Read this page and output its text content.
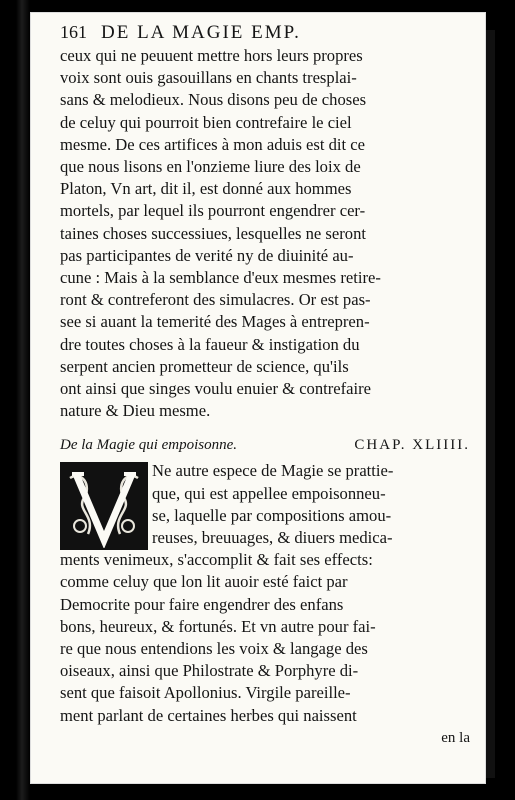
161 DE LA MAGIE EMP.
ceux qui ne peuuent mettre hors leurs propres
voix sont ouis gasouillans en chants tresplai-
sans & melodieux. Nous disons peu de choses
de celuy qui pourroit bien contrefaire le ciel
mesme. De ces artifices à mon aduis est dit ce
que nous lisons en l'onzieme liure des loix de
Platon, Vn art, dit il, est donné aux hommes
mortels, par lequel ils pourront engendrer cer-
taines choses successiues, lesquelles ne seront
pas participantes de verité ny de diuinité au-
cune : Mais à la semblance d'eux mesmes retire-
ront & contreferont des simulacres. Or est pas-
see si auant la temerité des Mages à entrepren-
dre toutes choses à la faueur & instigation du
serpent ancien prometteur de science, qu'ils
ont ainsi que singes voulu enuier & contrefaire
nature & Dieu mesme.
De la Magie qui empoisonne.	CHAP. XLIIII.
Ne autre espece de Magie se prattie-
que, qui est appellee empoisonneu-
se, laquelle par compositions amou-
reuses, breuuages, & diuers medica-
ments venimeux, s'accomplit & fait ses effects:
comme celuy que lon lit auoir esté faict par
Democrite pour faire engendrer des enfans
bons, heureux, & fortunés. Et vn autre pour fai-
re que nous entendions les voix & langage des
oiseaux, ainsi que Philostrate & Porphyre di-
sent que faisoit Apollonius. Virgile pareille-
ment parlant de certaines herbes qui naissent
en la
